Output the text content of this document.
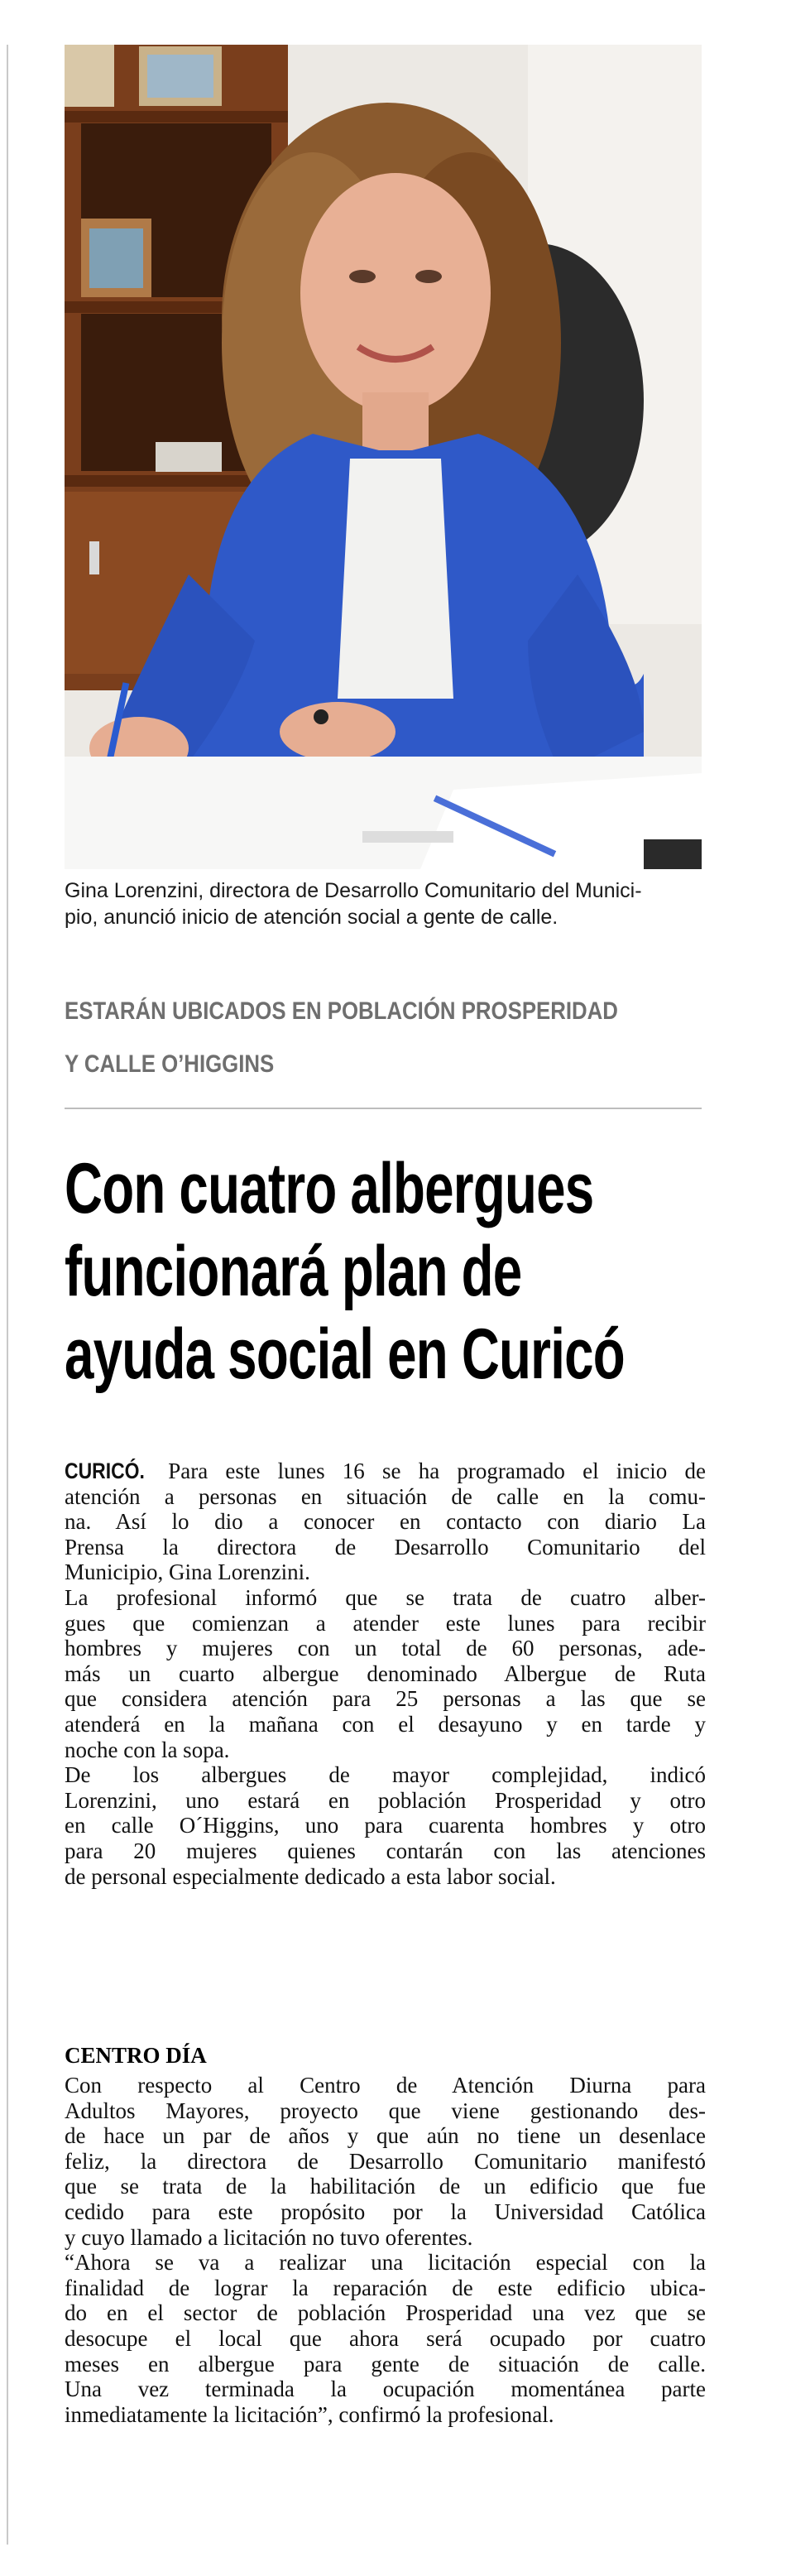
Gina Lorenzini, directora de Desarrollo Comunitario del Munici-

pio, anunció inicio de atención social a gente de calle.

ESTARÁN UBICADOS EN POBLACIÓN PROSPERIDAD

Y CALLE O’HIGGINS

Con cuatro albergues

funcionará plan de

ayuda social en Curicó

CURICÓ. Para este lunes 16 se ha programado el inicio de
atención a personas en situación de calle en la comu-
na. Así lo dio a conocer en contacto con diario La
Prensa la directora de Desarrollo Comunitario del
Municipio, Gina Lorenzini.
La profesional informó que se trata de cuatro alber-
gues que comienzan a atender este lunes para recibir
hombres y mujeres con un total de 60 personas, ade-
más un cuarto albergue denominado Albergue de Ruta
que considera atención para 25 personas a las que se
atenderá en la mañana con el desayuno y en tarde y
noche con la sopa.
De los albergues de mayor complejidad, indicó
Lorenzini, uno estará en población Prosperidad y otro
en calle O´Higgins, uno para cuarenta hombres y otro
para 20 mujeres quienes contarán con las atenciones
de personal especialmente dedicado a esta labor social.
CENTRO DÍA
Con respecto al Centro de Atención Diurna para
Adultos Mayores, proyecto que viene gestionando des-
de hace un par de años y que aún no tiene un desenlace
feliz, la directora de Desarrollo Comunitario manifestó
que se trata de la habilitación de un edificio que fue
cedido para este propósito por la Universidad Católica
y cuyo llamado a licitación no tuvo oferentes.
“Ahora se va a realizar una licitación especial con la
finalidad de lograr la reparación de este edificio ubica-
do en el sector de población Prosperidad una vez que se
desocupe el local que ahora será ocupado por cuatro
meses en albergue para gente de situación de calle.
Una vez terminada la ocupación momentánea parte
inmediatamente la licitación”, confirmó la profesional.
